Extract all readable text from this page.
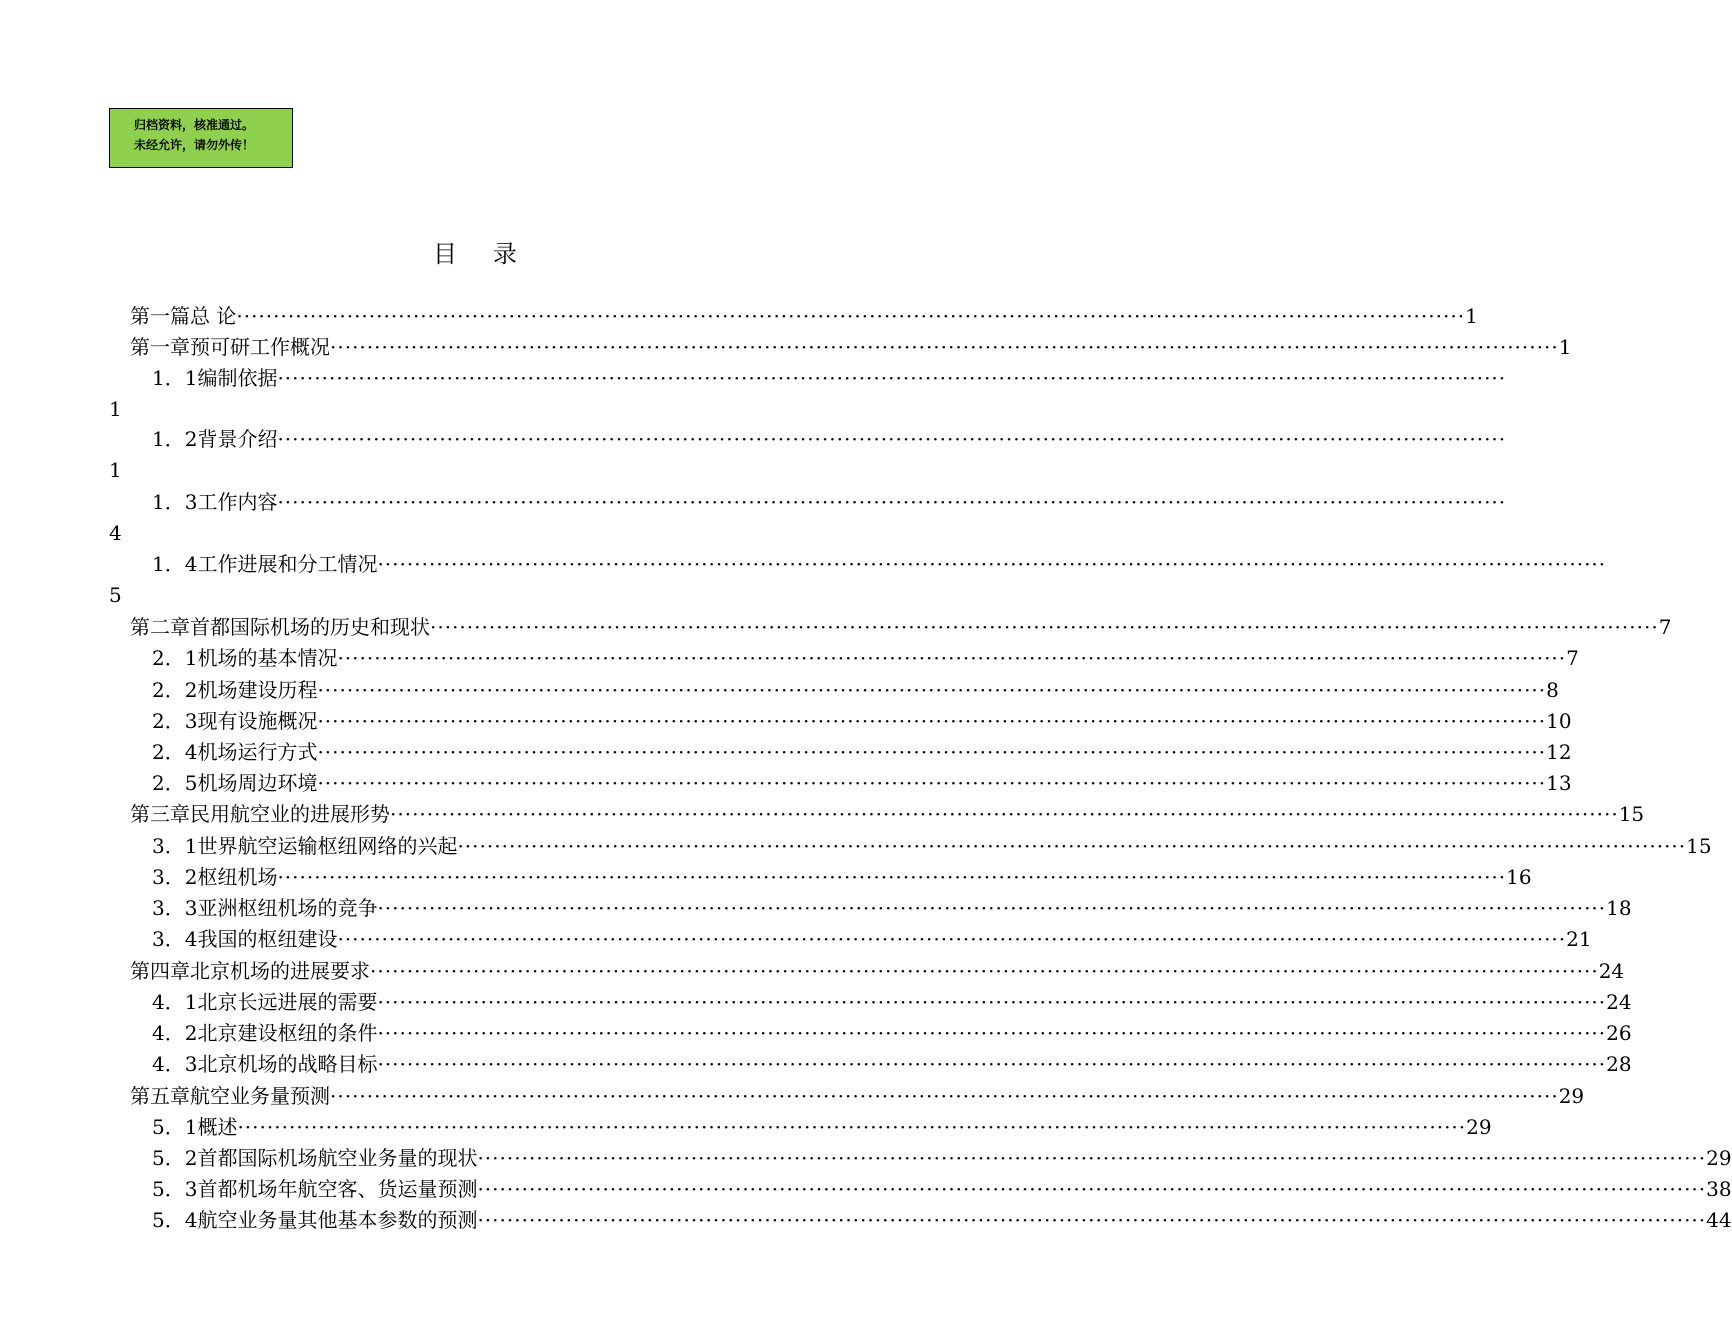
归档资料，核准通过。
未经允许，请勿外传！
目录
第一篇 总 论 ······································································································································································· 1
第一章 预可研工作概况 ······································································································································································· 1
1
1．1 编制依据 ·······································································································································································
1
1．2 背景介绍 ·······································································································································································
4
1．3 工作内容 ·······································································································································································
5
1．4 工作进展和分工情况 ·······································································································································································
第二章 首都国际机场的历史和现状 ······································································································································································· 7
2．1 机场的基本情况 ······································································································································································· 7
2．2 机场建设历程 ······································································································································································· 8
2．3 现有设施概况 ······································································································································································· 10
2．4 机场运行方式 ······································································································································································· 12
2．5 机场周边环境 ······································································································································································· 13
第三章 民用航空业的进展形势 ······································································································································································· 15
3．1 世界航空运输枢纽网络的兴起 ······································································································································································· 15
3．2 枢纽机场 ······································································································································································· 16
3．3 亚洲枢纽机场的竞争 ······································································································································································· 18
3．4 我国的枢纽建设 ······································································································································································· 21
第四章 北京机场的进展要求 ······································································································································································· 24
4．1 北京长远进展的需要 ······································································································································································· 24
4．2 北京建设枢纽的条件 ······································································································································································· 26
4．3 北京机场的战略目标 ······································································································································································· 28
第五章 航空业务量预测 ······································································································································································· 29
5．1 概述 ······································································································································································· 29
5．2 首都国际机场航空业务量的现状 ······································································································································································· 29
5．3 首都机场年航空客、货运量预测 ······································································································································································· 38
5．4 航空业务量其他基本参数的预测 ······································································································································································· 44
